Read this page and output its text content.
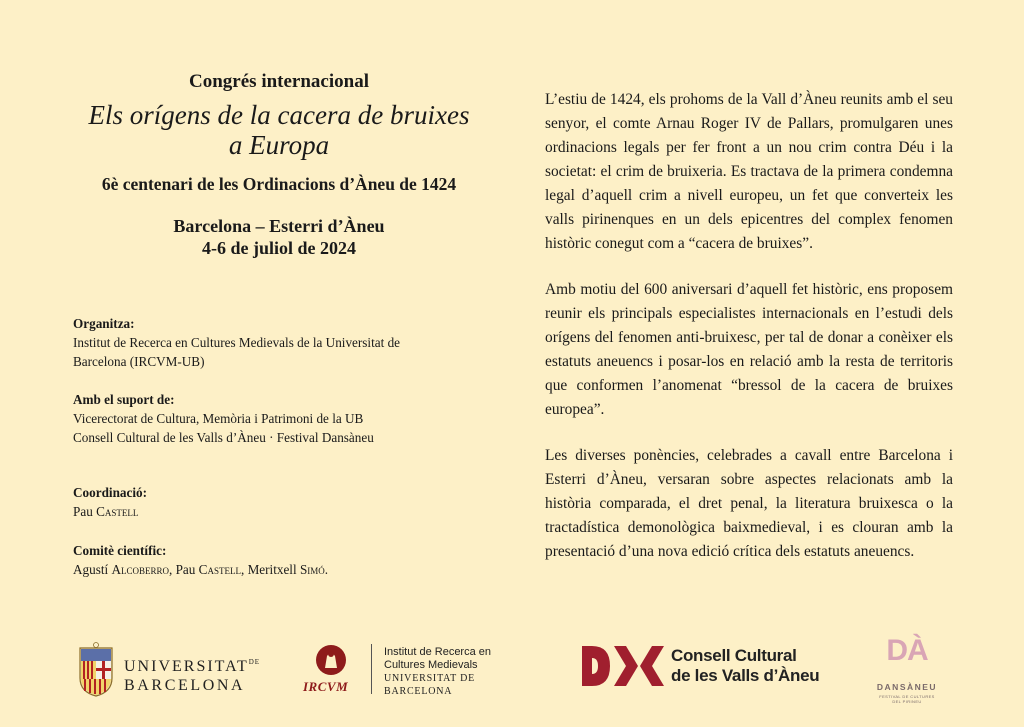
Congrés internacional

Els orígens de la cacera de bruixes

a Europa

6è centenari de les Ordinacions d’Àneu de 1424

Barcelona – Esterri d’Àneu

4-6 de juliol de 2024

Organitza:
Institut de Recerca en Cultures Medievals de la Universitat de
Barcelona (IRCVM-UB)
Amb el suport de:
Vicerectorat de Cultura, Memòria i Patrimoni de la UB
Consell Cultural de les Valls d’Àneu · Festival Dansàneu
Coordinació:
Pau Castell
Comitè científic:
Agustí Alcoberro, Pau Castell, Meritxell Simó.

L’estiu de 1424, els prohoms de la Vall d’Àneu reunits amb el seu senyor, el comte Arnau Roger IV de Pallars, promulgaren unes ordinacions legals per fer front a un nou crim contra Déu i la societat: el crim de bruixeria. Es tractava de la primera condemna legal d’aquell crim a nivell europeu, un fet que converteix les valls pirinenques en un dels epicentres del complex fenomen històric conegut com a “cacera de bruixes”.

Amb motiu del 600 aniversari d’aquell fet històric, ens proposem reunir els principals especialistes internacionals en l’estudi dels orígens del fenomen anti-bruixesc, per tal de donar a conèixer els estatuts aneuencs i posar-los en relació amb la resta de territoris que conformen l’anomenat “bressol de la cacera de bruixes europea”.

Les diverses ponències, celebrades a cavall entre Barcelona i Esterri d’Àneu, versaran sobre aspectes relacionats amb la història comparada, el dret penal, la literatura bruixesca o la tractadística demonològica baixmedieval, i es clouran amb la presentació d’una nova edició crítica dels estatuts aneuencs.

$UNIVERSITAT^{DE}$
BARCELONA	IRCVM
Institut de Recerca en
Cultures Medievals
UNIVERSITAT DE BARCELONA
Consell Cultural
de les Valls d’Àneu
DÀ
DANSÀNEU
FESTIVAL DE CULTURES
DEL PIRINEU
